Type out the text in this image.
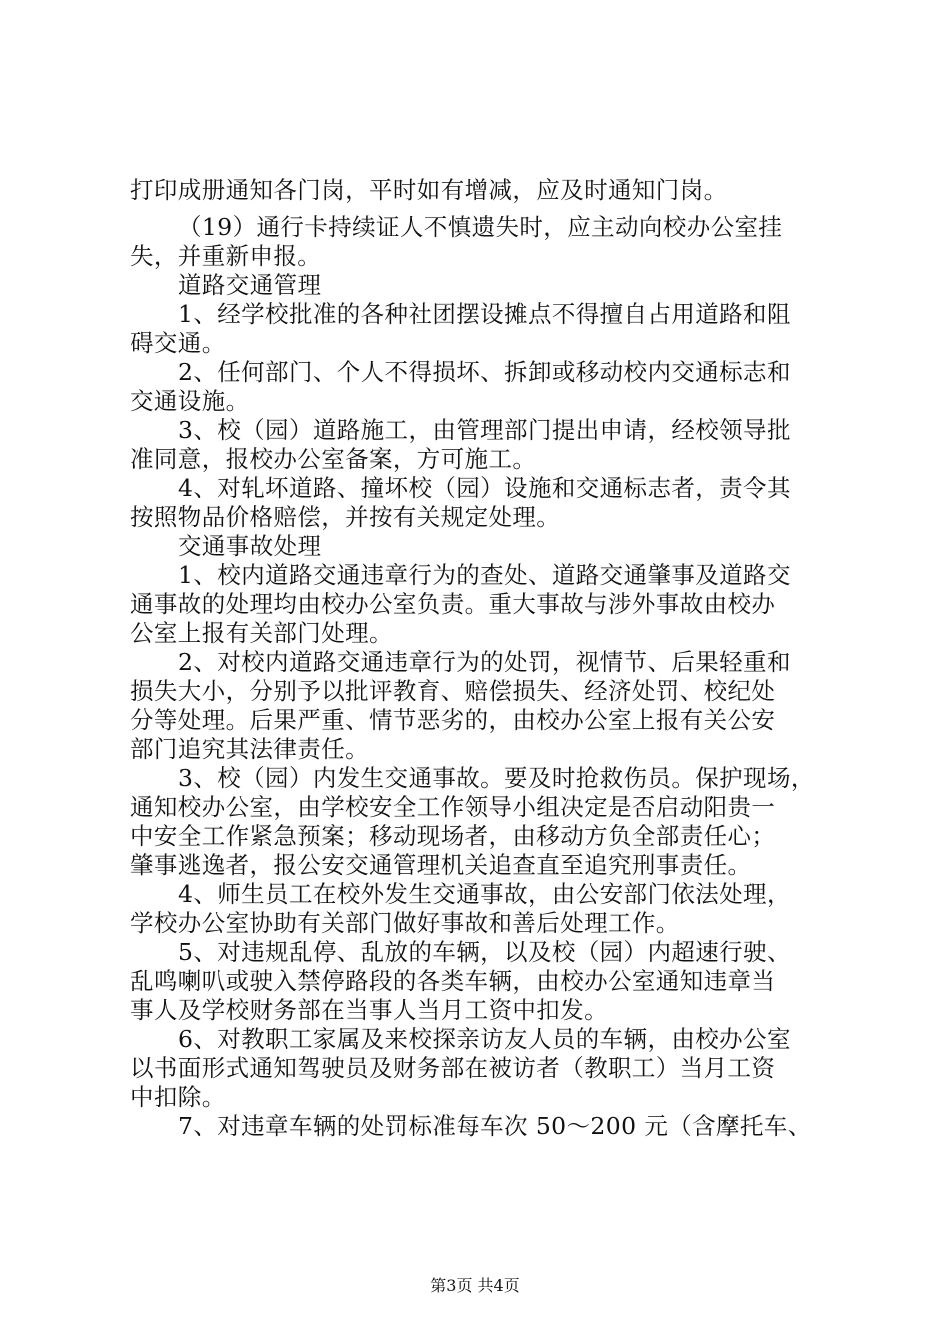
打印成册通知各门岗，平时如有增减，应及时通知门岗。
（19）通行卡持续证人不慎遗失时，应主动向校办公室挂
失，并重新申报。
道路交通管理
1、经学校批准的各种社团摆设摊点不得擅自占用道路和阻
碍交通。
2、任何部门、个人不得损坏、拆卸或移动校内交通标志和
交通设施。
3、校（园）道路施工，由管理部门提出申请，经校领导批
准同意，报校办公室备案，方可施工。
4、对轧坏道路、撞坏校（园）设施和交通标志者，责令其
按照物品价格赔偿，并按有关规定处理。
交通事故处理
1、校内道路交通违章行为的查处、道路交通肇事及道路交
通事故的处理均由校办公室负责。重大事故与涉外事故由校办
公室上报有关部门处理。
2、对校内道路交通违章行为的处罚，视情节、后果轻重和
损失大小，分别予以批评教育、赔偿损失、经济处罚、校纪处
分等处理。后果严重、情节恶劣的，由校办公室上报有关公安
部门追究其法律责任。
3、校（园）内发生交通事故。要及时抢救伤员。保护现场，
通知校办公室，由学校安全工作领导小组决定是否启动阳贵一
中安全工作紧急预案；移动现场者，由移动方负全部责任心；
肇事逃逸者，报公安交通管理机关追查直至追究刑事责任。
4、师生员工在校外发生交通事故，由公安部门依法处理，
学校办公室协助有关部门做好事故和善后处理工作。
5、对违规乱停、乱放的车辆，以及校（园）内超速行驶、
乱鸣喇叭或驶入禁停路段的各类车辆，由校办公室通知违章当
事人及学校财务部在当事人当月工资中扣发。
6、对教职工家属及来校探亲访友人员的车辆，由校办公室
以书面形式通知驾驶员及财务部在被访者（教职工）当月工资
中扣除。
7、对违章车辆的处罚标准每车次 50～200 元（含摩托车、
第3页 共4页
